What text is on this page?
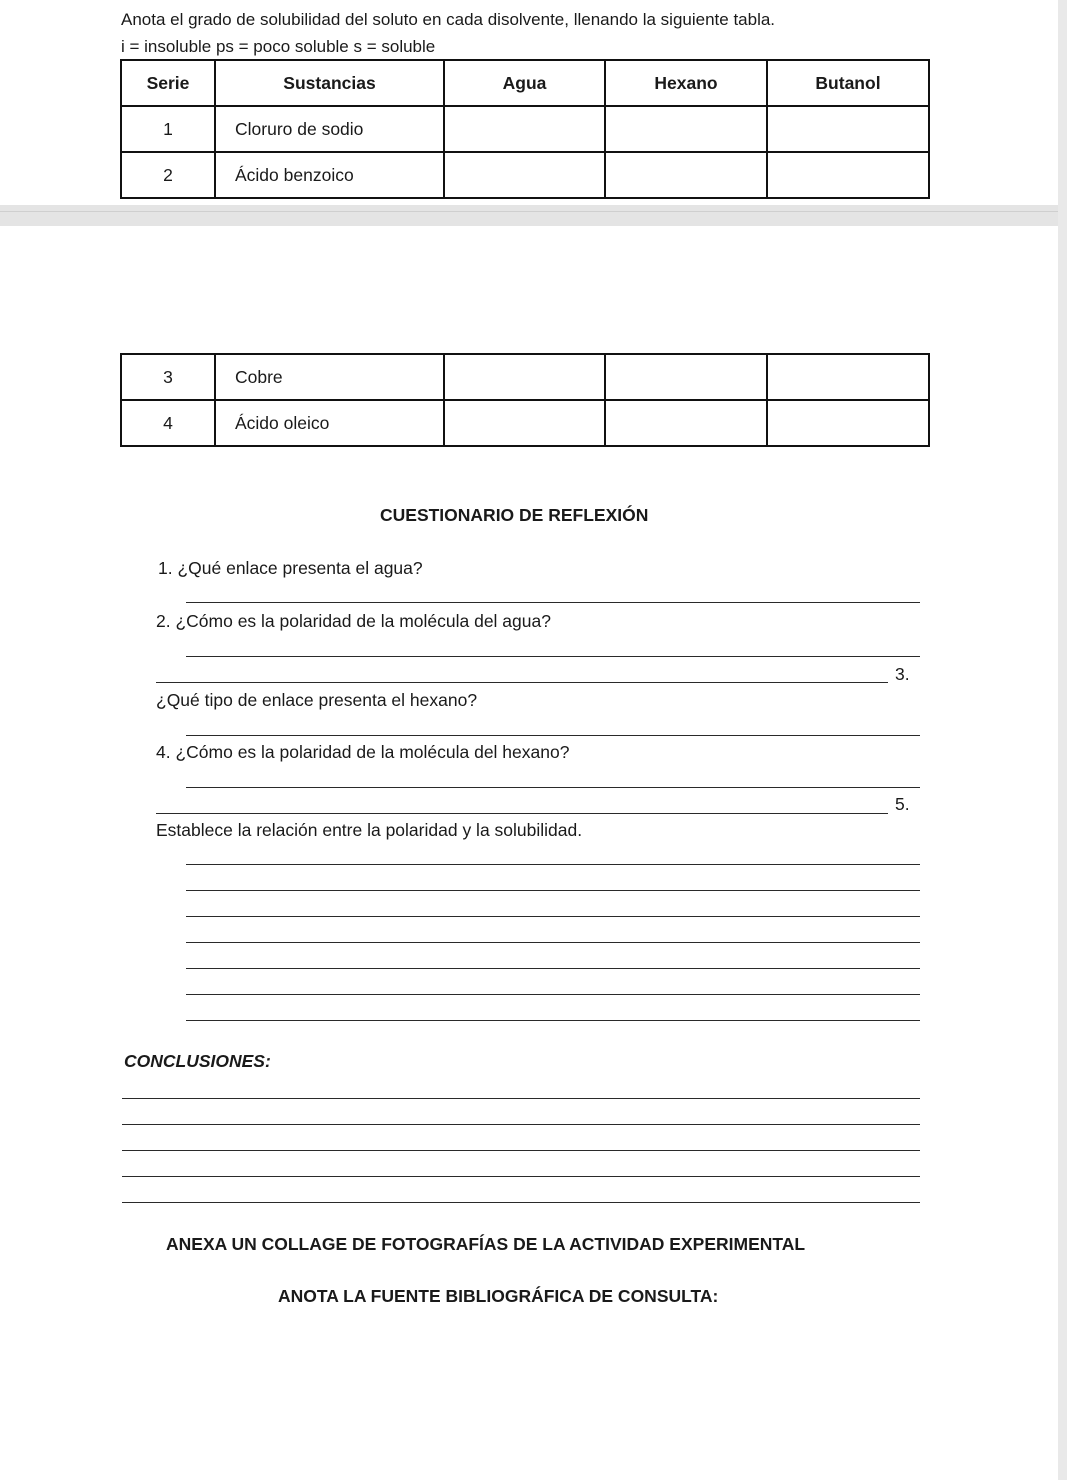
Anota el grado de solubilidad del soluto en cada disolvente, llenando la siguiente tabla.
i = insoluble ps = poco soluble s = soluble
Serie	Sustancias	Agua	Hexano	Butanol
1	Cloruro de sodio			
2	Ácido benzoico			
3	Cobre			
4	Ácido oleico			
CUESTIONARIO DE REFLEXIÓN
1. ¿Qué enlace presenta el agua?
2. ¿Cómo es la polaridad de la molécula del agua?
3.
¿Qué tipo de enlace presenta el hexano?
4. ¿Cómo es la polaridad de la molécula del hexano?
5.
Establece la relación entre la polaridad y la solubilidad.
CONCLUSIONES:
ANEXA UN COLLAGE DE FOTOGRAFÍAS DE LA ACTIVIDAD EXPERIMENTAL
ANOTA LA FUENTE BIBLIOGRÁFICA DE CONSULTA:
